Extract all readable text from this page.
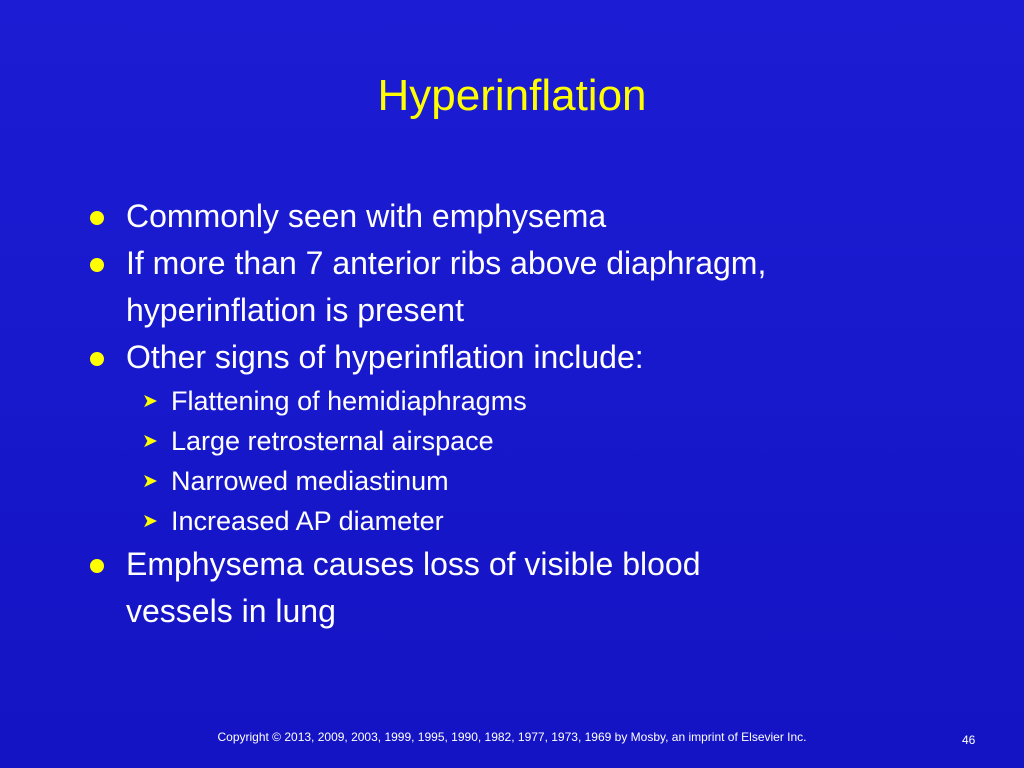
Hyperinflation
Commonly seen with emphysema
If more than 7 anterior ribs above diaphragm,
hyperinflation is present
Other signs of hyperinflation include:
➤ Flattening of hemidiaphragms
➤ Large retrosternal airspace
➤ Narrowed mediastinum
➤ Increased AP diameter
Emphysema causes loss of visible blood
vessels in lung
Copyright © 2013, 2009, 2003, 1999, 1995, 1990, 1982, 1977, 1973, 1969 by Mosby, an imprint of Elsevier Inc.	46
